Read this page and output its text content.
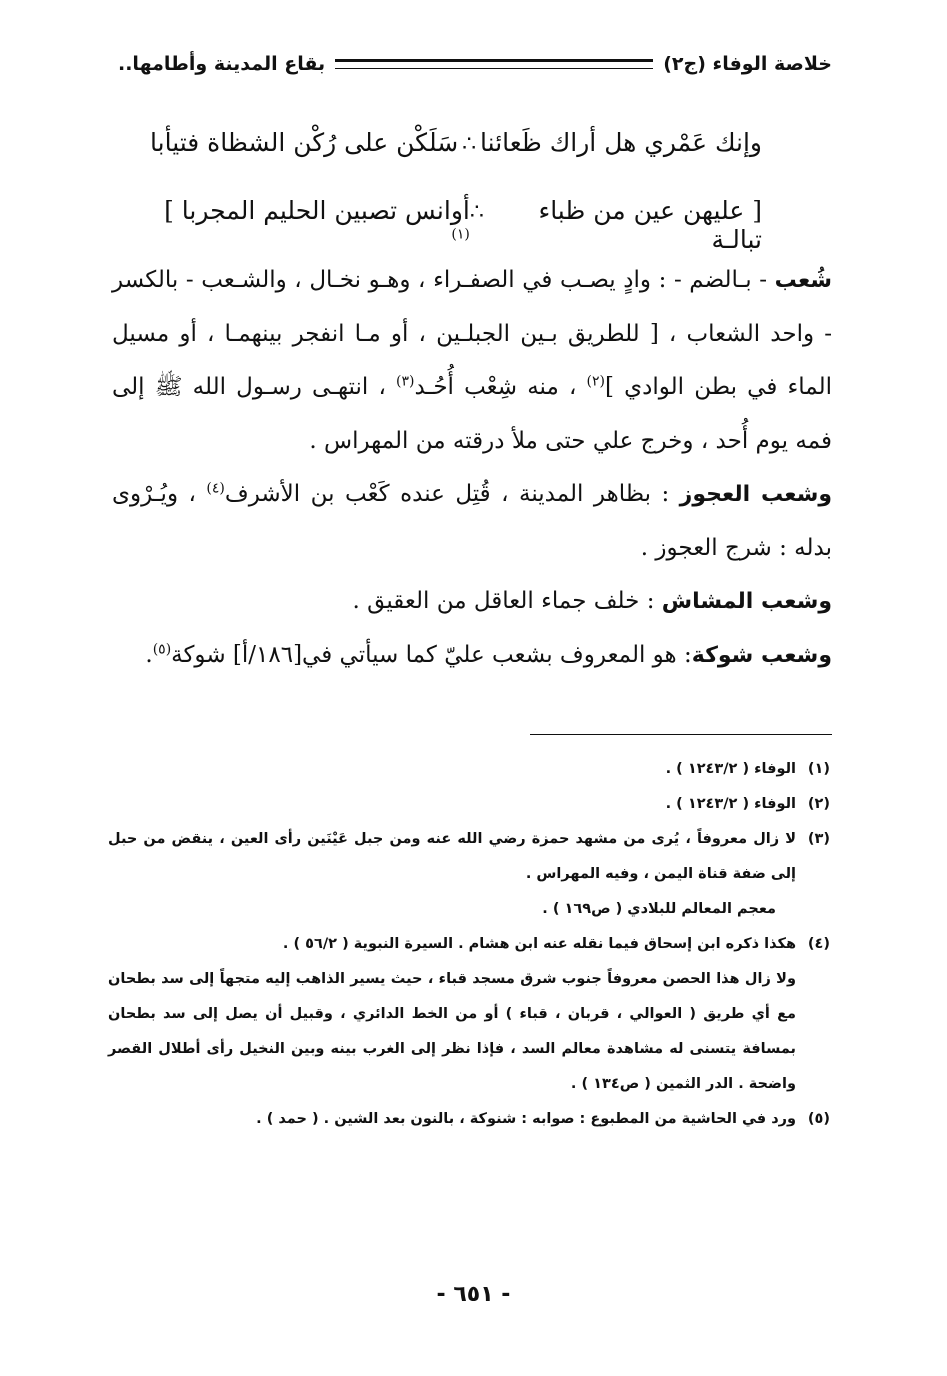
خلاصة الوفاء (ج٢)
بقاع المدينة وأطامها..
وإنك عَمْري هل أراك ظَعائنا
∴
سَلَكْن على رُكْن الشظاة فتيأبا
[ عليهن عين من ظباء تبالـة
∴
أوانس تصبين الحليم المجربا ]$^{(١)}$

شُعب - بـالضم - : وادٍ يصـب في الصفـراء ، وهـو نخـال ، والشـعب - بالكسر - واحد الشعاب ، [ للطريق بـين الجبلـين ، أو مـا انفجر بينهمـا ، أو مسيل الماء في بطن الوادي ]$^{(٢)}$ ، منه شِعْب أُحُـد$^{(٣)}$ ، انتهـى رسـول الله ﷺ إلى فمه يوم أُحد ، وخرج علي حتى ملأ درقته من المهراس .

وشعب العجوز : بظاهر المدينة ، قُتِل عنده كَعْب بن الأشرف$^{(٤)}$ ، ويُـرْوى بدله : شرج العجوز .

وشعب المشاش : خلف جماء العاقل من العقيق .

وشعب شوكة: هو المعروف بشعب عليّ كما سيأتي في[١٨٦/أ] شوكة$^{(٥)}$.

(١)
الوفاء ( ١٢٤٣/٢ ) .
(٢)
الوفاء ( ١٢٤٣/٢ ) .
(٣)
لا زال معروفاً ، يُرى من مشهد حمزة رضي الله عنه ومن جبل عَيْنَين رأى العين ، ينقض من حبل إلى ضفة قناة اليمن ، وفيه المهراس .
معجم المعالم للبلادي ( ص١٦٩ ) .
(٤)
هكذا ذكره ابن إسحاق فيما نقله عنه ابن هشام . السيرة النبوية ( ٥٦/٢ ) .
ولا زال هذا الحصن معروفاً جنوب شرق مسجد قباء ، حيث يسير الذاهب إليه متجهاً إلى سد بطحان مع أي طريق ( العوالي ، قربان ، قباء ) أو من الخط الدائري ، وقبيل أن يصل إلى سد بطحان بمسافة يتسنى له مشاهدة معالم السد ، فإذا نظر إلى الغرب بينه وبين النخيل رأى أطلال القصر واضحة . الدر الثمين ( ص١٣٤ ) .
(٥)
ورد في الحاشية من المطبوع : صوابه : شنوكة ، بالنون بعد الشين . ( حمد ) .
- ٦٥١ -
